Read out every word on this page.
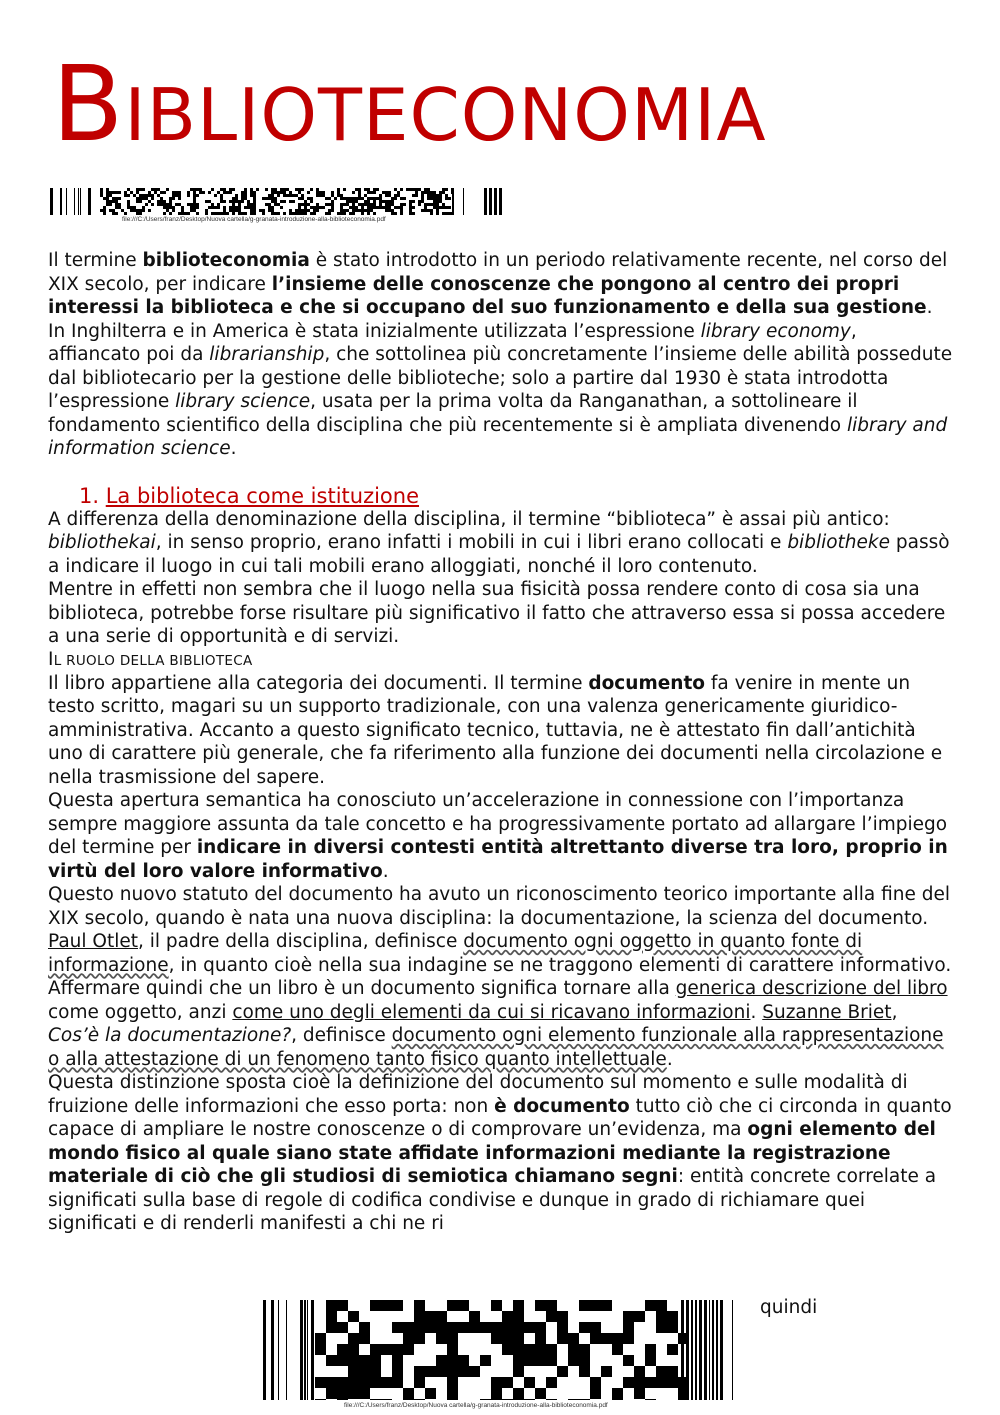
BIBLIOTECONOMIA
file:///C:/Users/franz/Desktop/Nuova cartella/g-granata-introduzione-alla-biblioteconomia.pdf

Il termine biblioteconomia è stato introdotto in un periodo relativamente recente, nel corso del XIX secolo, per indicare l’insieme delle conoscenze che pongono al centro dei propri interessi la biblioteca e che si occupano del suo funzionamento e della sua gestione.

In Inghilterra e in America è stata inizialmente utilizzata l’espressione library economy, affiancato poi da librarianship, che sottolinea più concretamente l’insieme delle abilità possedute dal bibliotecario per la gestione delle biblioteche; solo a partire dal 1930 è stata introdotta l’espressione library science, usata per la prima volta da Ranganathan, a sottolineare il fondamento scientifico della disciplina che più recentemente si è ampliata divenendo library and information science.

1. La biblioteca come istituzione

A differenza della denominazione della disciplina, il termine “biblioteca” è assai più antico: bibliothekai, in senso proprio, erano infatti i mobili in cui i libri erano collocati e bibliotheke passò a indicare il luogo in cui tali mobili erano alloggiati, nonché il loro contenuto.

Mentre in effetti non sembra che il luogo nella sua fisicità possa rendere conto di cosa sia una biblioteca, potrebbe forse risultare più significativo il fatto che attraverso essa si possa accedere a una serie di opportunità e di servizi.

IL RUOLO DELLA BIBLIOTECA

Il libro appartiene alla categoria dei documenti. Il termine documento fa venire in mente un testo scritto, magari su un supporto tradizionale, con una valenza genericamente giuridico-amministrativa. Accanto a questo significato tecnico, tuttavia, ne è attestato fin dall’antichità uno di carattere più generale, che fa riferimento alla funzione dei documenti nella circolazione e nella trasmissione del sapere.

Questa apertura semantica ha conosciuto un’accelerazione in connessione con l’importanza sempre maggiore assunta da tale concetto e ha progressivamente portato ad allargare l’impiego del termine per indicare in diversi contesti entità altrettanto diverse tra loro, proprio in virtù del loro valore informativo.

Questo nuovo statuto del documento ha avuto un riconoscimento teorico importante alla fine del XIX secolo, quando è nata una nuova disciplina: la documentazione, la scienza del documento. Paul Otlet, il padre della disciplina, definisce documento ogni oggetto in quanto fonte di informazione, in quanto cioè nella sua indagine se ne traggono elementi di carattere informativo.

Affermare quindi che un libro è un documento significa tornare alla generica descrizione del libro come oggetto, anzi come uno degli elementi da cui si ricavano informazioni. Suzanne Briet, Cos’è la documentazione?, definisce documento ogni elemento funzionale alla rappresentazione o alla attestazione di un fenomeno tanto fisico quanto intellettuale.

Questa distinzione sposta cioè la definizione del documento sul momento e sulle modalità di fruizione delle informazioni che esso porta: non è documento tutto ciò che ci circonda in quanto capace di ampliare le nostre conoscenze o di comprovare un’evidenza, ma ogni elemento del mondo fisico al quale siano state affidate informazioni mediante la registrazione materiale di ciò che gli studiosi di semiotica chiamano segni: entità concrete correlate a significati sulla base di regole di codifica condivise e dunque in grado di richiamare quei significati e di renderli manifesti a chi ne ri

quindi
file:///C:/Users/franz/Desktop/Nuova cartella/g-granata-introduzione-alla-biblioteconomia.pdf
